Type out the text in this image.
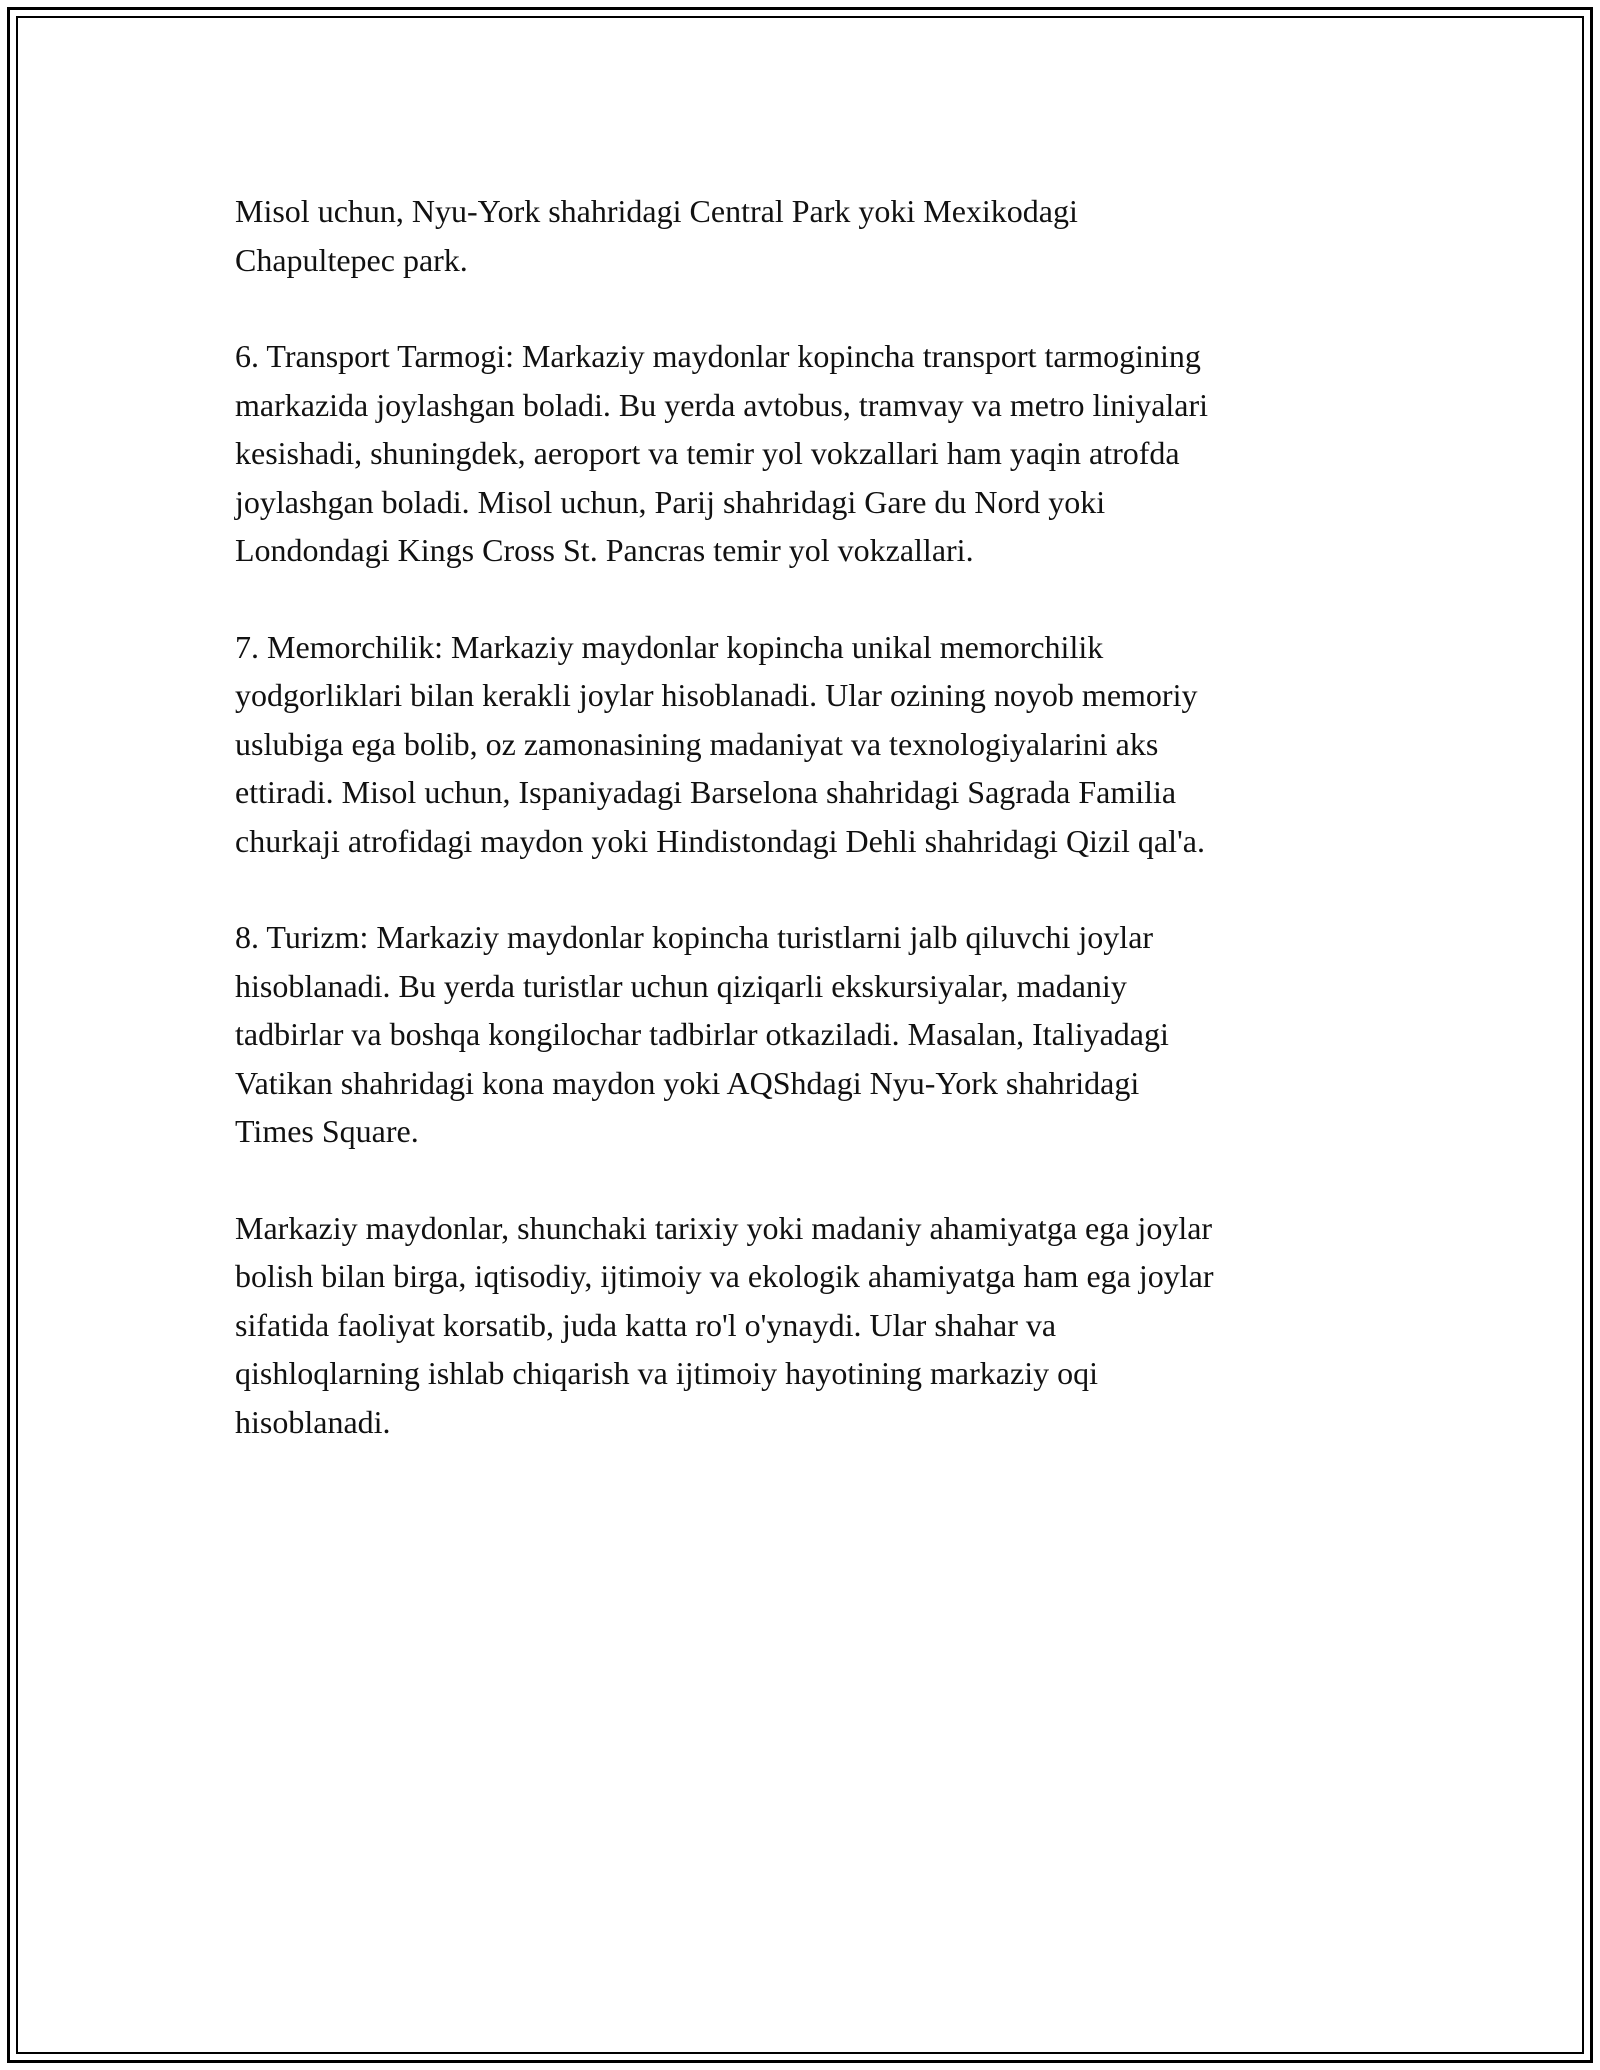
Misol uchun, Nyu-York shahridagi Central Park yoki Mexikodagi
Chapultepec park.

6. Transport Tarmogi: Markaziy maydonlar kopincha transport tarmogining
markazida joylashgan boladi. Bu yerda avtobus, tramvay va metro liniyalari
kesishadi, shuningdek, aeroport va temir yol vokzallari ham yaqin atrofda
joylashgan boladi. Misol uchun, Parij shahridagi Gare du Nord yoki
Londondagi Kings Cross St. Pancras temir yol vokzallari.

7. Memorchilik: Markaziy maydonlar kopincha unikal memorchilik
yodgorliklari bilan kerakli joylar hisoblanadi. Ular ozining noyob memoriy
uslubiga ega bolib, oz zamonasining madaniyat va texnologiyalarini aks
ettiradi. Misol uchun, Ispaniyadagi Barselona shahridagi Sagrada Familia
churkaji atrofidagi maydon yoki Hindistondagi Dehli shahridagi Qizil qal'a.

8. Turizm: Markaziy maydonlar kopincha turistlarni jalb qiluvchi joylar
hisoblanadi. Bu yerda turistlar uchun qiziqarli ekskursiyalar, madaniy
tadbirlar va boshqa kongilochar tadbirlar otkaziladi. Masalan, Italiyadagi
Vatikan shahridagi kona maydon yoki AQShdagi Nyu-York shahridagi
Times Square.

Markaziy maydonlar, shunchaki tarixiy yoki madaniy ahamiyatga ega joylar
bolish bilan birga, iqtisodiy, ijtimoiy va ekologik ahamiyatga ham ega joylar
sifatida faoliyat korsatib, juda katta ro'l o'ynaydi. Ular shahar va
qishloqlarning ishlab chiqarish va ijtimoiy hayotining markaziy oqi
hisoblanadi.
